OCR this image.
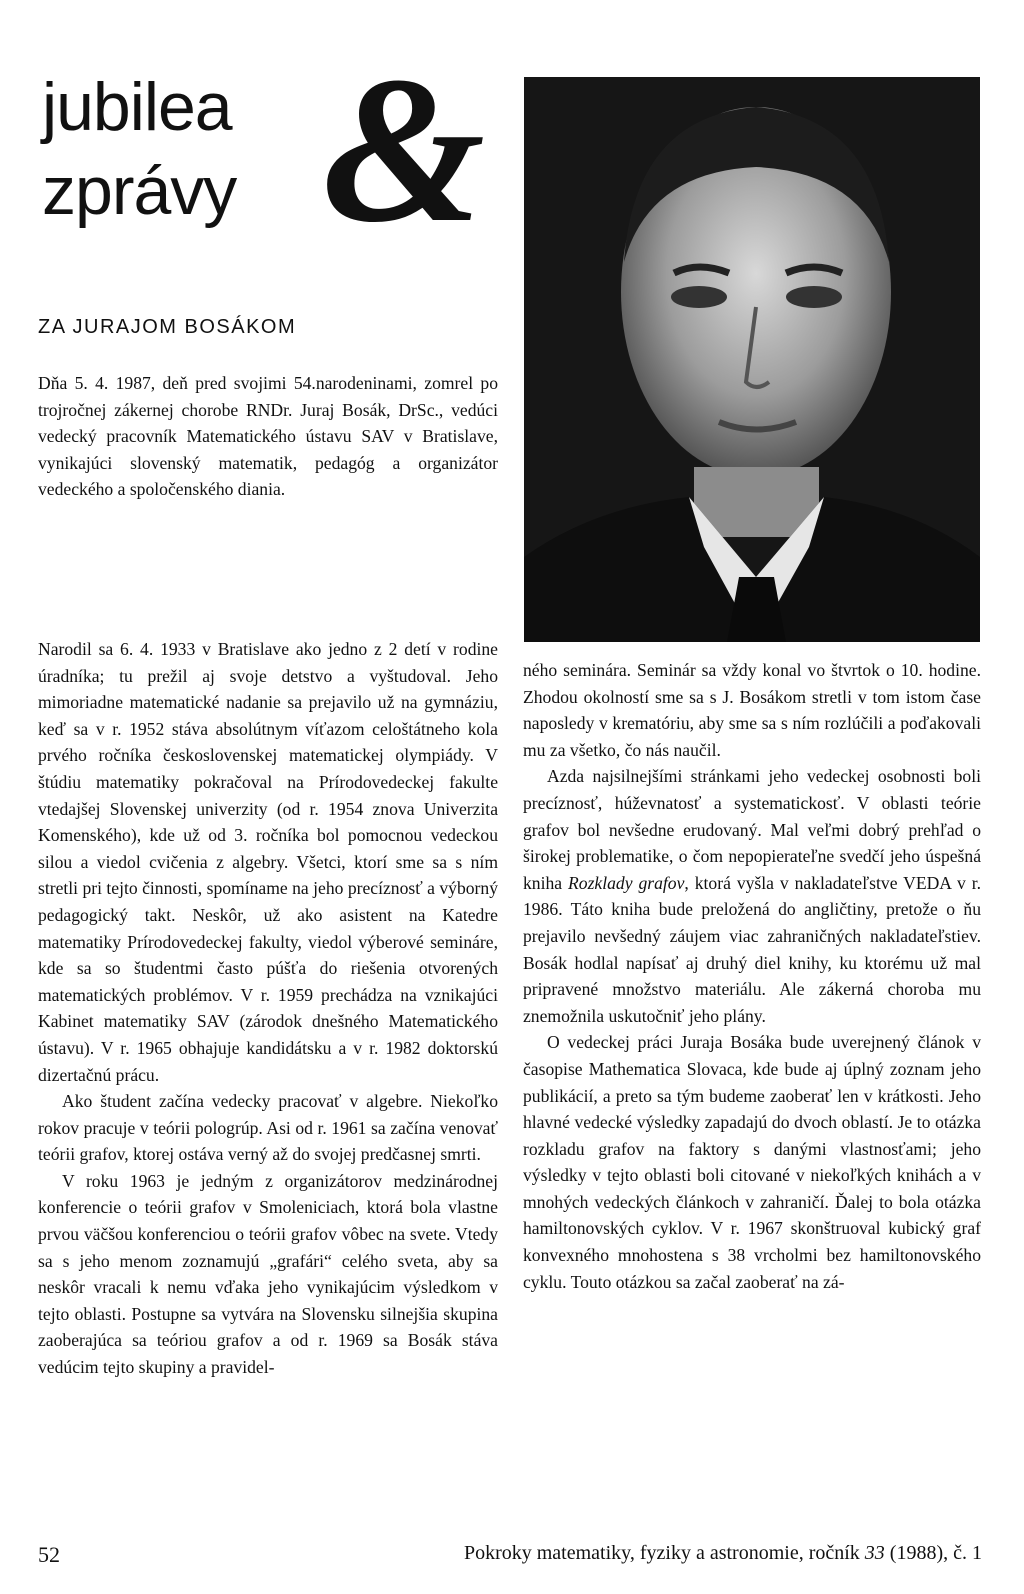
jubilea
zprávy &
ZA JURAJOM BOSÁKOM

Dňa 5. 4. 1987, deň pred svojimi 54.narodeninami, zomrel po trojročnej zákernej chorobe RNDr. Juraj Bosák, DrSc., vedúci vedecký pracovník Matematického ústavu SAV v Bratislave, vynikajúci slovenský matematik, pedagóg a organizátor vedeckého a spoločenského diania.

Narodil sa 6. 4. 1933 v Bratislave ako jedno z 2 detí v rodine úradníka; tu prežil aj svoje detstvo a vyštudoval. Jeho mimoriadne matematické nadanie sa prejavilo už na gymnáziu, keď sa v r. 1952 stáva absolútnym víťazom celoštátneho kola prvého ročníka československej matematickej olympiády. V štúdiu matematiky pokračoval na Prírodovedeckej fakulte vtedajšej Slovenskej univerzity (od r. 1954 znova Univerzita Komenského), kde už od 3. ročníka bol pomocnou vedeckou silou a viedol cvičenia z algebry. Všetci, ktorí sme sa s ním stretli pri tejto činnosti, spomíname na jeho precíznosť a výborný pedagogický takt. Neskôr, už ako asistent na Katedre matematiky Prírodovedeckej fakulty, viedol výberové semináre, kde sa so študentmi často púšťa do riešenia otvorených matematických problémov. V r. 1959 prechádza na vznikajúci Kabinet matematiky SAV (zárodok dnešného Matematického ústavu). V r. 1965 obhajuje kandidátsku a v r. 1982 doktorskú dizertačnú prácu.

Ako študent začína vedecky pracovať v algebre. Niekoľko rokov pracuje v teórii pologrúp. Asi od r. 1961 sa začína venovať teórii grafov, ktorej ostáva verný až do svojej predčasnej smrti.

V roku 1963 je jedným z organizátorov medzinárodnej konferencie o teórii grafov v Smoleniciach, ktorá bola vlastne prvou väčšou konferenciou o teórii grafov vôbec na svete. Vtedy sa s jeho menom zoznamujú „grafári“ celého sveta, aby sa neskôr vracali k nemu vďaka jeho vynikajúcim výsledkom v tejto oblasti. Postupne sa vytvára na Slovensku silnejšia skupina zaoberajúca sa teóriou grafov a od r. 1969 sa Bosák stáva vedúcim tejto skupiny a pravidel-

ného seminára. Seminár sa vždy konal vo štvrtok o 10. hodine. Zhodou okolností sme sa s J. Bosákom stretli v tom istom čase naposledy v krematóriu, aby sme sa s ním rozlúčili a poďakovali mu za všetko, čo nás naučil.

Azda najsilnejšími stránkami jeho vedeckej osobnosti boli precíznosť, húževnatosť a systematickosť. V oblasti teórie grafov bol nevšedne erudovaný. Mal veľmi dobrý prehľad o širokej problematike, o čom nepopierateľne svedčí jeho úspešná kniha Rozklady grafov, ktorá vyšla v nakladateľstve VEDA v r. 1986. Táto kniha bude preložená do angličtiny, pretože o ňu prejavilo nevšedný záujem viac zahraničných nakladateľstiev. Bosák hodlal napísať aj druhý diel knihy, ku ktorému už mal pripravené množstvo materiálu. Ale zákerná choroba mu znemožnila uskutočniť jeho plány.

O vedeckej práci Juraja Bosáka bude uverejnený článok v časopise Mathematica Slovaca, kde bude aj úplný zoznam jeho publikácií, a preto sa tým budeme zaoberať len v krátkosti. Jeho hlavné vedecké výsledky zapadajú do dvoch oblastí. Je to otázka rozkladu grafov na faktory s danými vlastnosťami; jeho výsledky v tejto oblasti boli citované v niekoľkých knihách a v mnohých vedeckých článkoch v zahraničí. Ďalej to bola otázka hamiltonovských cyklov. V r. 1967 skonštruoval kubický graf konvexného mnohostena s 38 vrcholmi bez hamiltonovského cyklu. Touto otázkou sa začal zaoberať na zá-

52	Pokroky matematiky, fyziky a astronomie, ročník 33 (1988), č. 1
